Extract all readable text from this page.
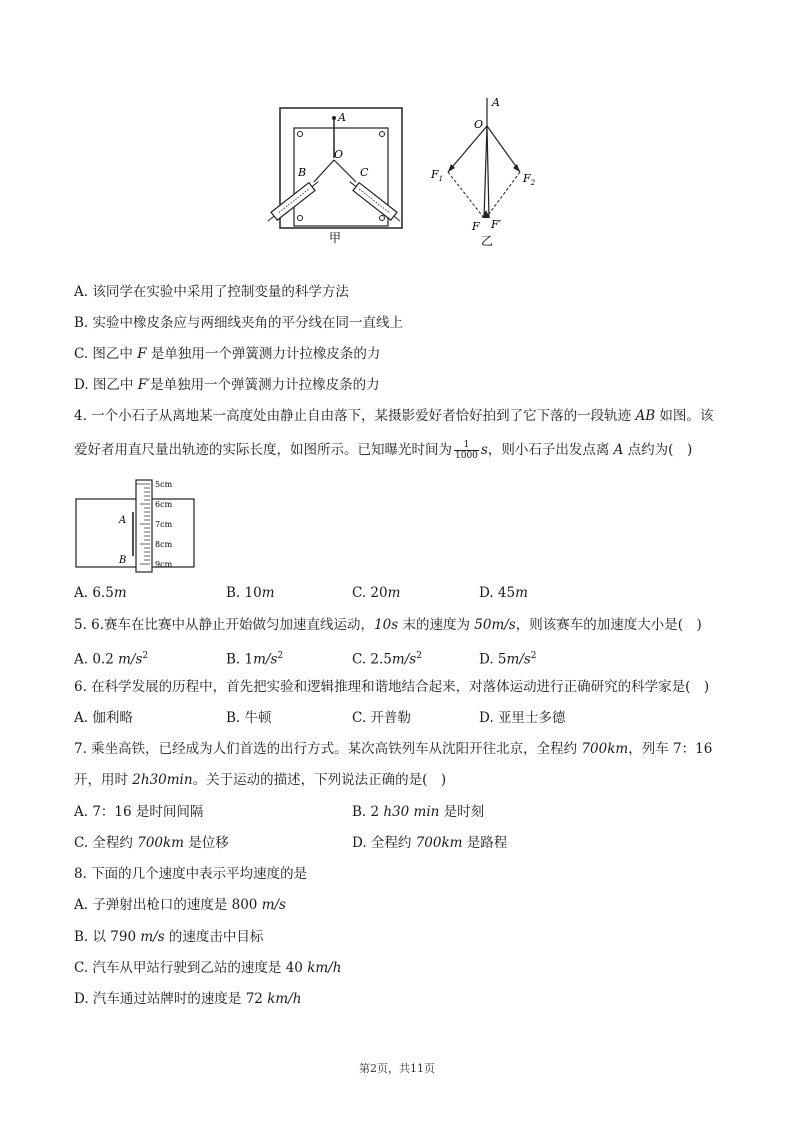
A
O
B	C
甲
A
O
$F_1$	$F_2$
F F′
乙
A. 该同学在实验中采用了控制变量的科学方法
B. 实验中橡皮条应与两细线夹角的平分线在同一直线上
C. 图乙中 F 是单独用一个弹簧测力计拉橡皮条的力
D. 图乙中 F′是单独用一个弹簧测力计拉橡皮条的力
4. 一个小石子从离地某一高度处由静止自由落下，某摄影爱好者恰好拍到了它下落的一段轨迹 AB 如图。该
爱好者用直尺量出轨迹的实际长度，如图所示。已知曝光时间为 $\frac{1}{1000}$ s，则小石子出发点离 A 点约为(　)
A
B
5cm
6cm
7cm
8cm
9cm
A. 6.5m	B. 10m	C. 20m	D. 45m
5. 6.赛车在比赛中从静止开始做匀加速直线运动，10s 末的速度为 50m/s，则该赛车的加速度大小是(　)
A. 0.2 $m/s^2$	B. $1m/s^2$	C. $2.5m/s^2$	D. $5m/s^2$
6. 在科学发展的历程中，首先把实验和逻辑推理和谐地结合起来，对落体运动进行正确研究的科学家是(　)
A. 伽利略	B. 牛顿	C. 开普勒	D. 亚里士多德
7. 乘坐高铁，已经成为人们首选的出行方式。某次高铁列车从沈阳开往北京，全程约 700km，列车 7：16
开，用时 2h30min。关于运动的描述，下列说法正确的是(　)
A. 7：16 是时间间隔	B. 2 h30 min 是时刻
C. 全程约 700km 是位移	D. 全程约 700km 是路程
8. 下面的几个速度中表示平均速度的是
A. 子弹射出枪口的速度是 800 m/s
B. 以 790 m/s 的速度击中目标
C. 汽车从甲站行驶到乙站的速度是 40 km/h
D. 汽车通过站牌时的速度是 72 km/h
第2页，共11页
